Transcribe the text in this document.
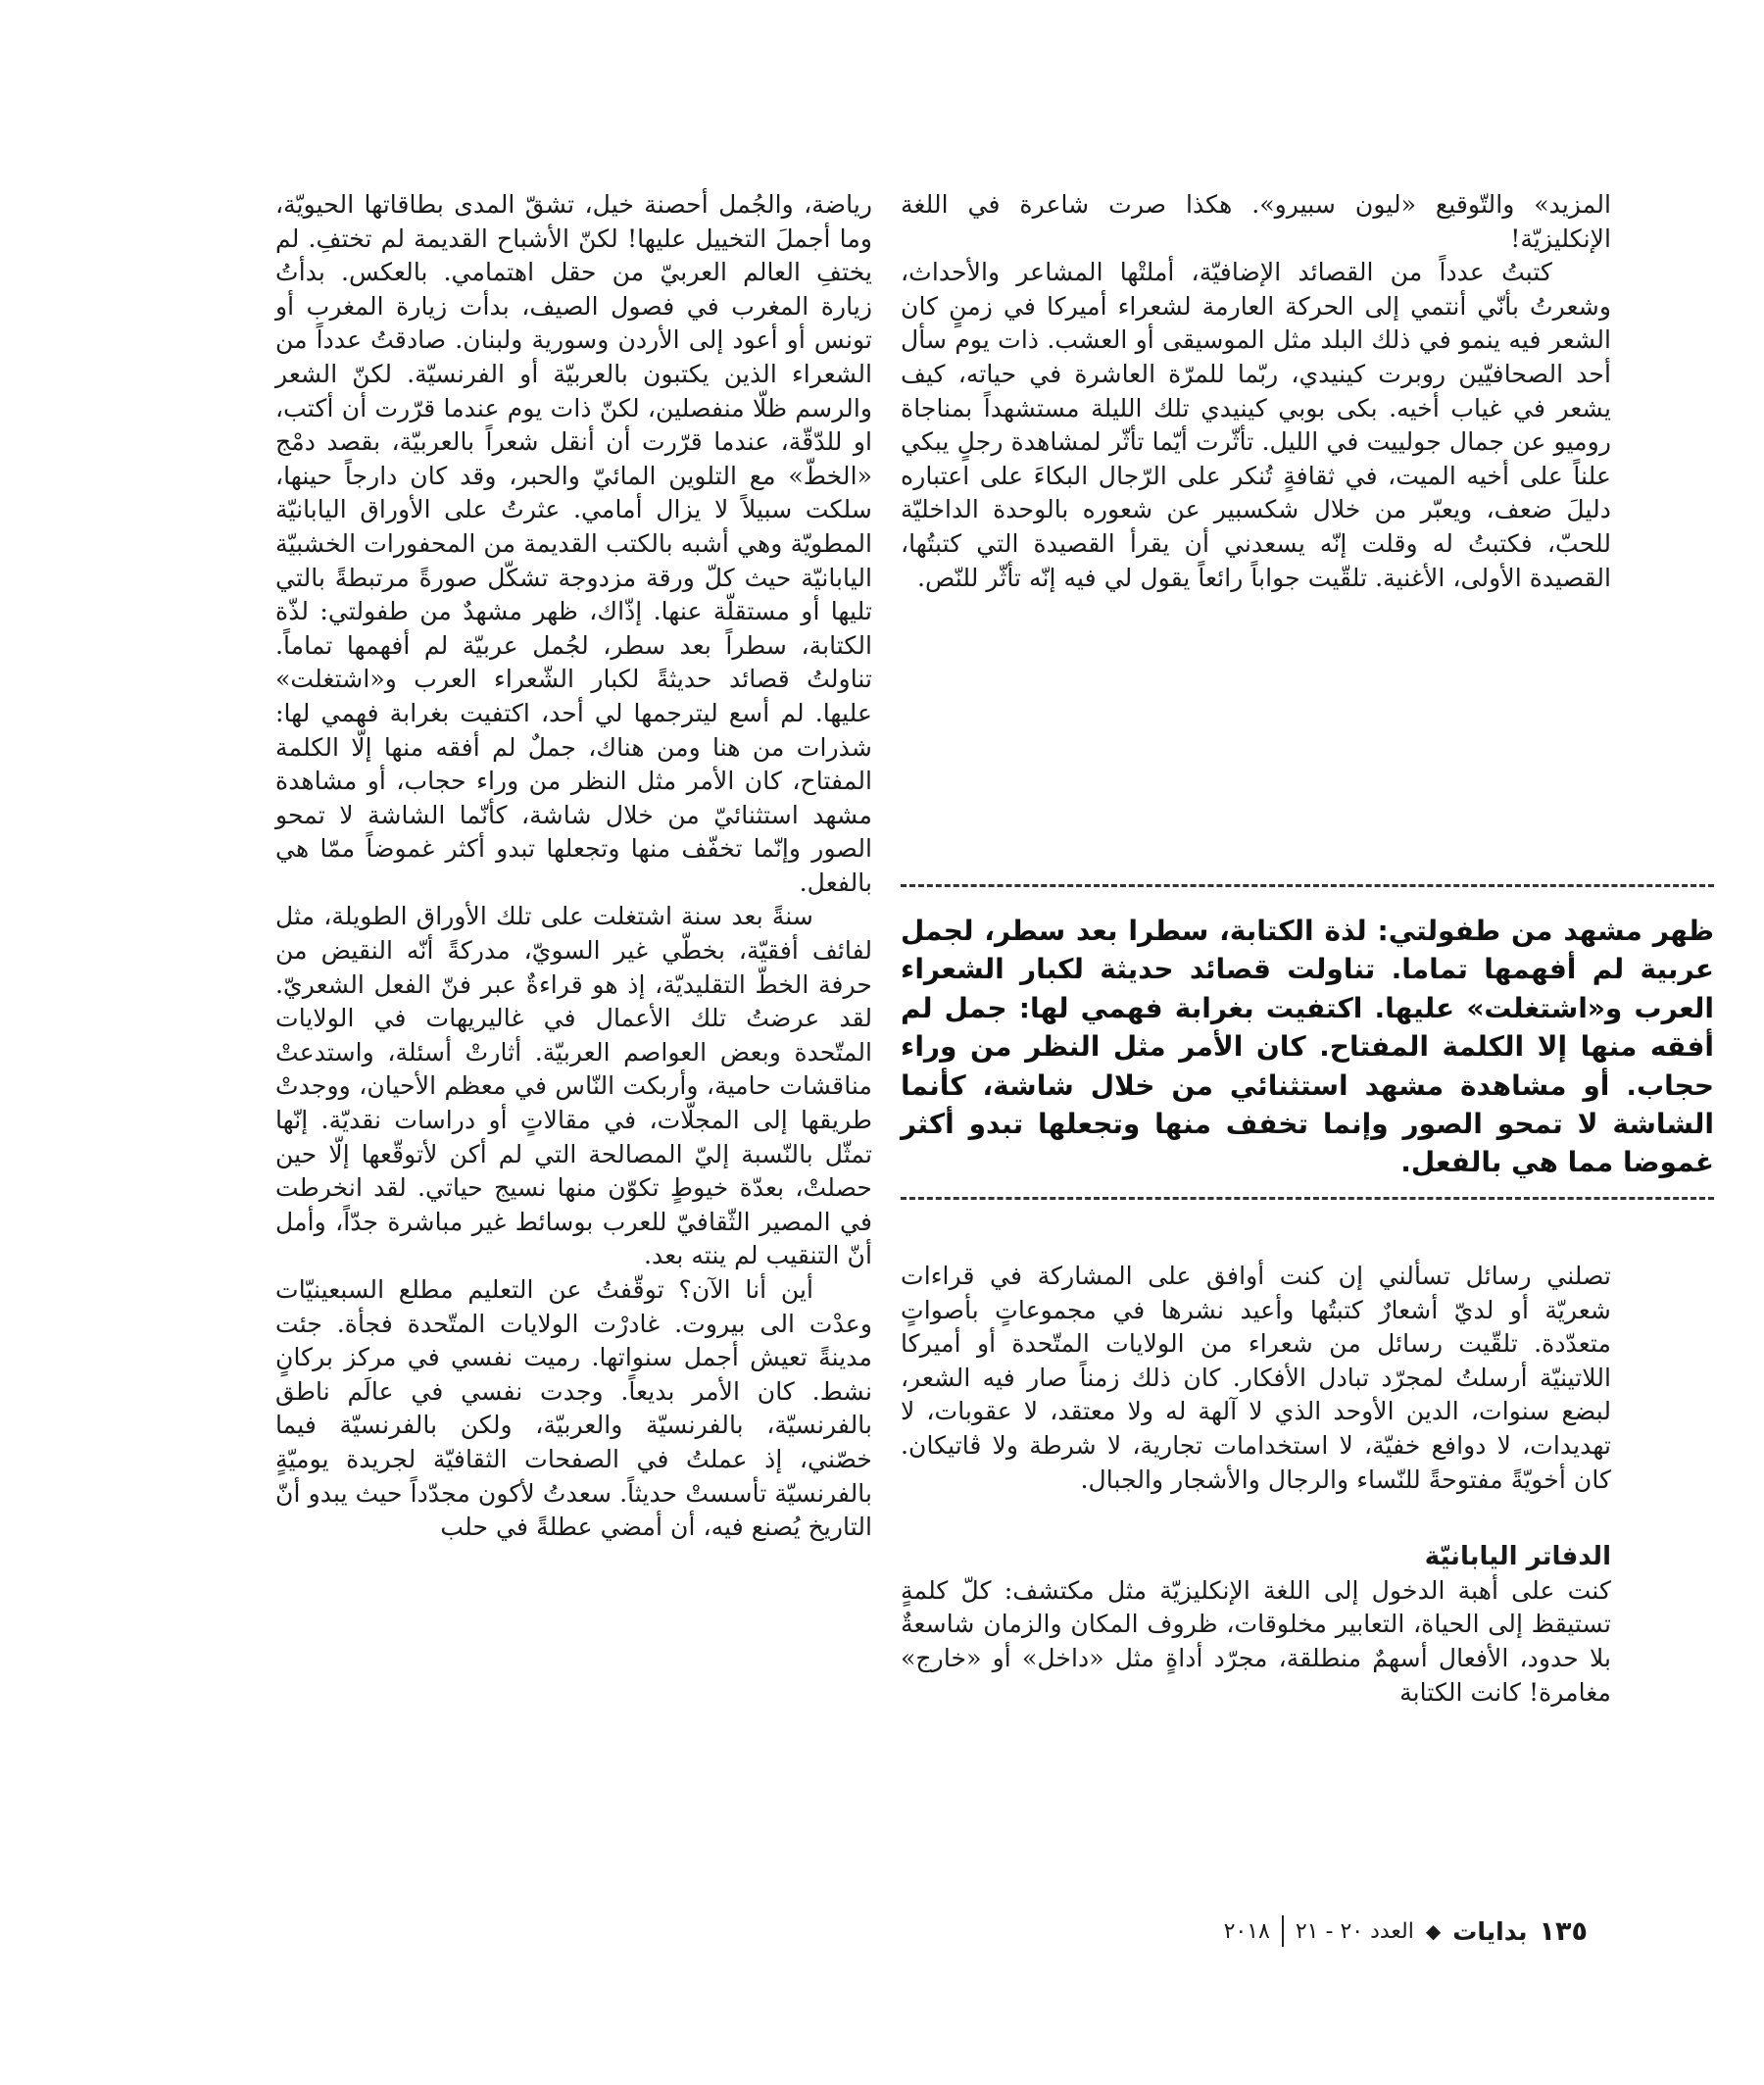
المزيد» والتّوقيع «ليون سبيرو». هكذا صرت شاعرة في اللغة الإنكليزيّة!

كتبتُ عدداً من القصائد الإضافيّة، أملتْها المشاعر والأحداث، وشعرتُ بأنّي أنتمي إلى الحركة العارمة لشعراء أميركا في زمنٍ كان الشعر فيه ينمو في ذلك البلد مثل الموسيقى أو العشب. ذات يوم سأل أحد الصحافيّين روبرت كينيدي، ربّما للمرّة العاشرة في حياته، كيف يشعر في غياب أخيه. بكى بوبي كينيدي تلك الليلة مستشهداً بمناجاة روميو عن جمال جولييت في الليل. تأثّرت أيّما تأثّر لمشاهدة رجلٍ يبكي علناً على أخيه الميت، في ثقافةٍ تُنكر على الرّجال البكاءَ على اعتباره دليلَ ضعف، ويعبّر من خلال شكسبير عن شعوره بالوحدة الداخليّة للحبّ، فكتبتُ له وقلت إنّه يسعدني أن يقرأ القصيدة التي كتبتُها، القصيدة الأولى، الأغنية. تلقّيت جواباً رائعاً يقول لي فيه إنّه تأثّر للنّص.

ظهر مشهد من طفولتي: لذة الكتابة، سطرا بعد سطر، لجمل عربية لم أفهمها تماما. تناولت قصائد حديثة لكبار الشعراء العرب و«اشتغلت» عليها. اكتفيت بغرابة فهمي لها: جمل لم أفقه منها إلا الكلمة المفتاح. كان الأمر مثل النظر من وراء حجاب. أو مشاهدة مشهد استثنائي من خلال شاشة، كأنما الشاشة لا تمحو الصور وإنما تخفف منها وتجعلها تبدو أكثر غموضا مما هي بالفعل.

تصلني رسائل تسألني إن كنت أوافق على المشاركة في قراءات شعريّة أو لديّ أشعارٌ كتبتُها وأعيد نشرها في مجموعاتٍ بأصواتٍ متعدّدة. تلقّيت رسائل من شعراء من الولايات المتّحدة أو أميركا اللاتينيّة أرسلتُ لمجرّد تبادل الأفكار. كان ذلك زمناً صار فيه الشعر، لبضع سنوات، الدين الأوحد الذي لا آلهة له ولا معتقد، لا عقوبات، لا تهديدات، لا دوافع خفيّة، لا استخدامات تجارية، لا شرطة ولا ڤاتيكان. كان أخويّةً مفتوحةً للنّساء والرجال والأشجار والجبال.

الدفاتر اليابانيّة

كنت على أهبة الدخول إلى اللغة الإنكليزيّة مثل مكتشف: كلّ كلمةٍ تستيقظ إلى الحياة، التعابير مخلوقات، ظروف المكان والزمان شاسعةٌ بلا حدود، الأفعال أسهمٌ منطلقة، مجرّد أداةٍ مثل «داخل» أو «خارج» مغامرة! كانت الكتابة

رياضة، والجُمل أحصنة خيل، تشقّ المدى بطاقاتها الحيويّة، وما أجملَ التخييل عليها! لكنّ الأشباح القديمة لم تختفِ. لم يختفِ العالم العربيّ من حقل اهتمامي. بالعكس. بدأتُ زيارة المغرب في فصول الصيف، بدأت زيارة المغرب أو تونس أو أعود إلى الأردن وسورية ولبنان. صادقتُ عدداً من الشعراء الذين يكتبون بالعربيّة أو الفرنسيّة. لكنّ الشعر والرسم ظلّا منفصلين، لكنّ ذات يوم عندما قرّرت أن أكتب، او للدّقّة، عندما قرّرت أن أنقل شعراً بالعربيّة، بقصد دمْج «الخطّ» مع التلوين المائيّ والحبر، وقد كان دارجاً حينها، سلكت سبيلاً لا يزال أمامي. عثرتُ على الأوراق اليابانيّة المطويّة وهي أشبه بالكتب القديمة من المحفورات الخشبيّة اليابانيّة حيث كلّ ورقة مزدوجة تشكّل صورةً مرتبطةً بالتي تليها أو مستقلّة عنها. إذّاك، ظهر مشهدٌ من طفولتي: لذّة الكتابة، سطراً بعد سطر، لجُمل عربيّة لم أفهمها تماماً. تناولتُ قصائد حديثةً لكبار الشّعراء العرب و«اشتغلت» عليها. لم أسع ليترجمها لي أحد، اكتفيت بغرابة فهمي لها: شذرات من هنا ومن هناك، جملٌ لم أفقه منها إلّا الكلمة المفتاح، كان الأمر مثل النظر من وراء حجاب، أو مشاهدة مشهد استثنائيّ من خلال شاشة، كأنّما الشاشة لا تمحو الصور وإنّما تخفّف منها وتجعلها تبدو أكثر غموضاً ممّا هي بالفعل.

سنةً بعد سنة اشتغلت على تلك الأوراق الطويلة، مثل لفائف أفقيّة، بخطّي غير السويّ، مدركةً أنّه النقيض من حرفة الخطّ التقليديّة، إذ هو قراءةٌ عبر فنّ الفعل الشعريّ. لقد عرضتُ تلك الأعمال في غاليريهات في الولايات المتّحدة وبعض العواصم العربيّة. أثارتْ أسئلة، واستدعتْ مناقشات حامية، وأربكت النّاس في معظم الأحيان، ووجدتْ طريقها إلى المجلّات، في مقالاتٍ أو دراسات نقديّة. إنّها تمثّل بالنّسبة إليّ المصالحة التي لم أكن لأتوقّعها إلّا حين حصلتْ، بعدّة خيوطٍ تكوّن منها نسيج حياتي. لقد انخرطت في المصير الثّقافيّ للعرب بوسائط غير مباشرة جدّاً، وأمل أنّ التنقيب لم ينته بعد.

أين أنا الآن؟ توقّفتُ عن التعليم مطلع السبعينيّات وعدْت الى بيروت. غادرْت الولايات المتّحدة فجأة. جئت مدينةً تعيش أجمل سنواتها. رميت نفسي في مركز بركانٍ نشط. كان الأمر بديعاً. وجدت نفسي في عالَم ناطق بالفرنسيّة، بالفرنسيّة والعربيّة، ولكن بالفرنسيّة فيما خصّني، إذ عملتُ في الصفحات الثقافيّة لجريدة يوميّةٍ بالفرنسيّة تأسستْ حديثاً. سعدتُ لأكون مجدّداً حيث يبدو أنّ التاريخ يُصنع فيه، أن أمضي عطلةً في حلب

١٣٥
بدايات
◆
العدد ٢٠ - ٢١
٢٠١٨
